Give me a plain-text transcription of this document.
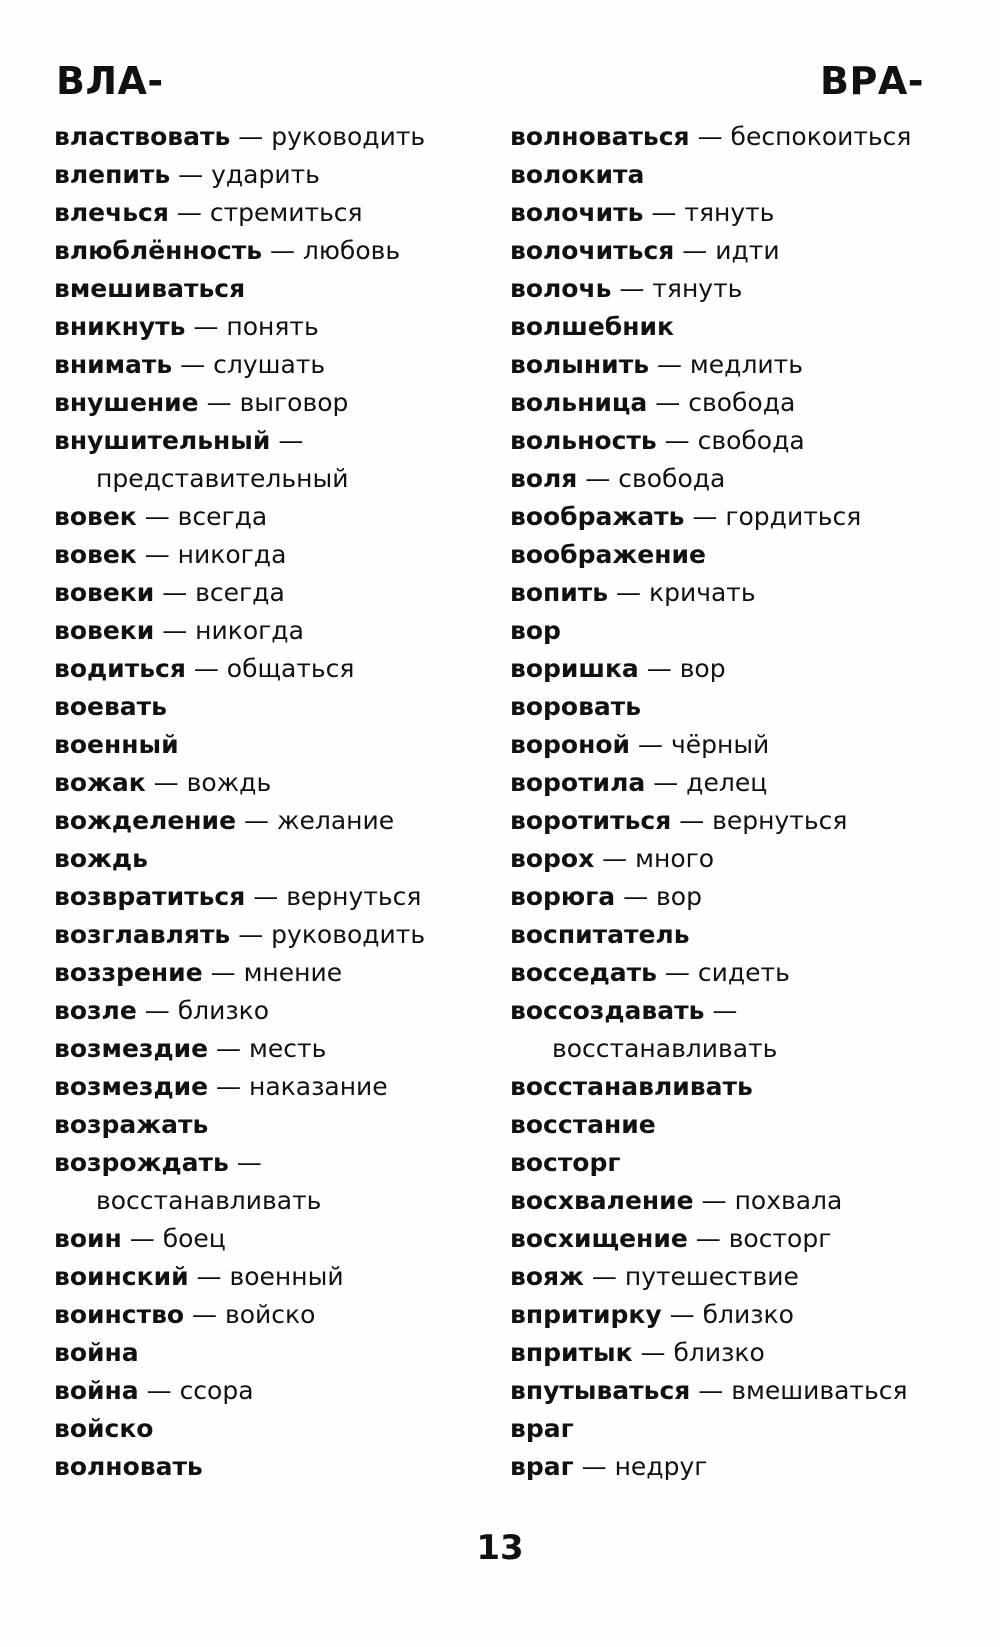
ВЛА-	ВРА-
властвовать — руководить
влепить — ударить
влечься — стремиться
влюблённость — любовь
вмешиваться
вникнуть — понять
внимать — слушать
внушение — выговор
внушительный —
представительный
вовек — всегда
вовек — никогда
вовеки — всегда
вовеки — никогда
водиться — общаться
воевать
военный
вожак — вождь
вожделение — желание
вождь
возвратиться — вернуться
возглавлять — руководить
воззрение — мнение
возле — близко
возмездие — месть
возмездие — наказание
возражать
возрождать —
восстанавливать
воин — боец
воинский — военный
воинство — войско
война
война — ссора
войско
волновать
волноваться — беспокоиться
волокита
волочить — тянуть
волочиться — идти
волочь — тянуть
волшебник
волынить — медлить
вольница — свобода
вольность — свобода
воля — свобода
воображать — гордиться
воображение
вопить — кричать
вор
воришка — вор
воровать
вороной — чёрный
воротила — делец
воротиться — вернуться
ворох — много
ворюга — вор
воспитатель
восседать — сидеть
воссоздавать —
восстанавливать
восстанавливать
восстание
восторг
восхваление — похвала
восхищение — восторг
вояж — путешествие
впритирку — близко
впритык — близко
впутываться — вмешиваться
враг
враг — недруг
13
